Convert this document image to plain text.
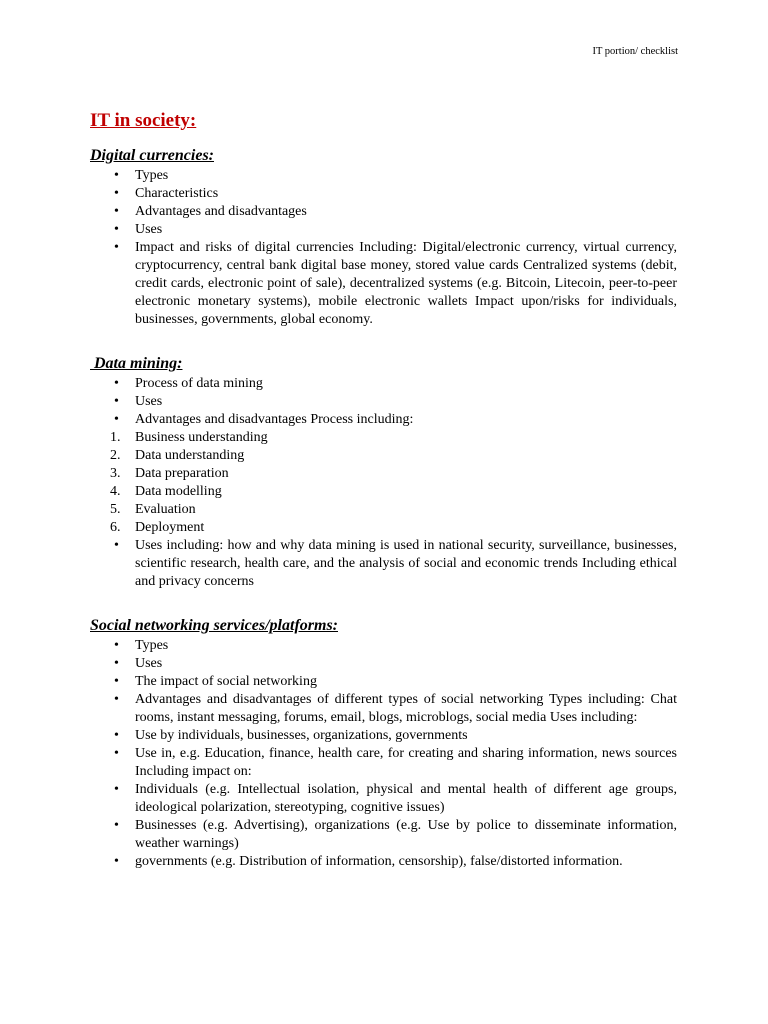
IT portion/ checklist
IT in society:
Digital currencies:
• Types
• Characteristics
• Advantages and disadvantages
• Uses
• Impact and risks of digital currencies Including: Digital/electronic currency, virtual currency, cryptocurrency, central bank digital base money, stored value cards Centralized systems (debit, credit cards, electronic point of sale), decentralized systems (e.g. Bitcoin, Litecoin, peer-to-peer electronic monetary systems), mobile electronic wallets Impact upon/risks for individuals, businesses, governments, global economy.
Data mining:
• Process of data mining
• Uses
• Advantages and disadvantages Process including:
1. Business understanding
2. Data understanding
3. Data preparation
4. Data modelling
5. Evaluation
6. Deployment
• Uses including: how and why data mining is used in national security, surveillance, businesses, scientific research, health care, and the analysis of social and economic trends Including ethical and privacy concerns
Social networking services/platforms:
• Types
• Uses
• The impact of social networking
• Advantages and disadvantages of different types of social networking Types including: Chat rooms, instant messaging, forums, email, blogs, microblogs, social media Uses including:
• Use by individuals, businesses, organizations, governments
• Use in, e.g. Education, finance, health care, for creating and sharing information, news sources Including impact on:
• Individuals (e.g. Intellectual isolation, physical and mental health of different age groups, ideological polarization, stereotyping, cognitive issues)
• Businesses (e.g. Advertising), organizations (e.g. Use by police to disseminate information, weather warnings)
• governments (e.g. Distribution of information, censorship), false/distorted information.
